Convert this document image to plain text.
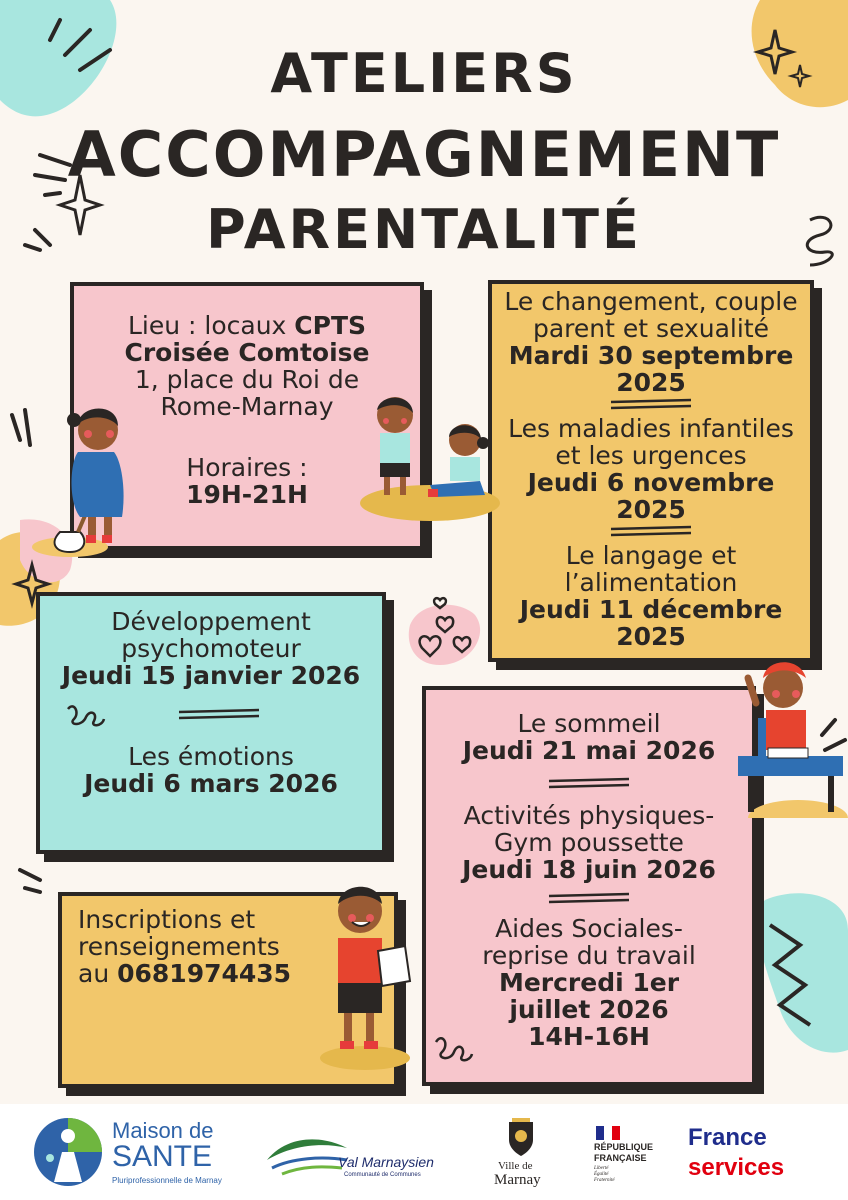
ATELIERS
ACCOMPAGNEMENT
PARENTALITÉ
Lieu : locaux CPTS
Croisée Comtoise
1, place du Roi de
Rome-Marnay
Horaires :
19H-21H
Le changement, couple
parent et sexualité
Mardi 30 septembre
2025
Les maladies infantiles
et les urgences
Jeudi 6 novembre
2025
Le langage et
l’alimentation
Jeudi 11 décembre
2025
Développement
psychomoteur
Jeudi 15 janvier 2026
Les émotions
Jeudi 6 mars 2026
Le sommeil
Jeudi 21 mai 2026
Activités physiques-
Gym poussette
Jeudi 18 juin 2026
Aides Sociales-
reprise du travail
Mercredi 1er
juillet 2026
14H-16H
Inscriptions et
renseignements
au 0681974435
Maison de
SANTE
Pluriprofessionnelle de Marnay
Val Marnaysien
Communauté de Communes
Ville de
Marnay
RÉPUBLIQUE
FRANÇAISE
Liberté
Égalité
Fraternité
France
services
